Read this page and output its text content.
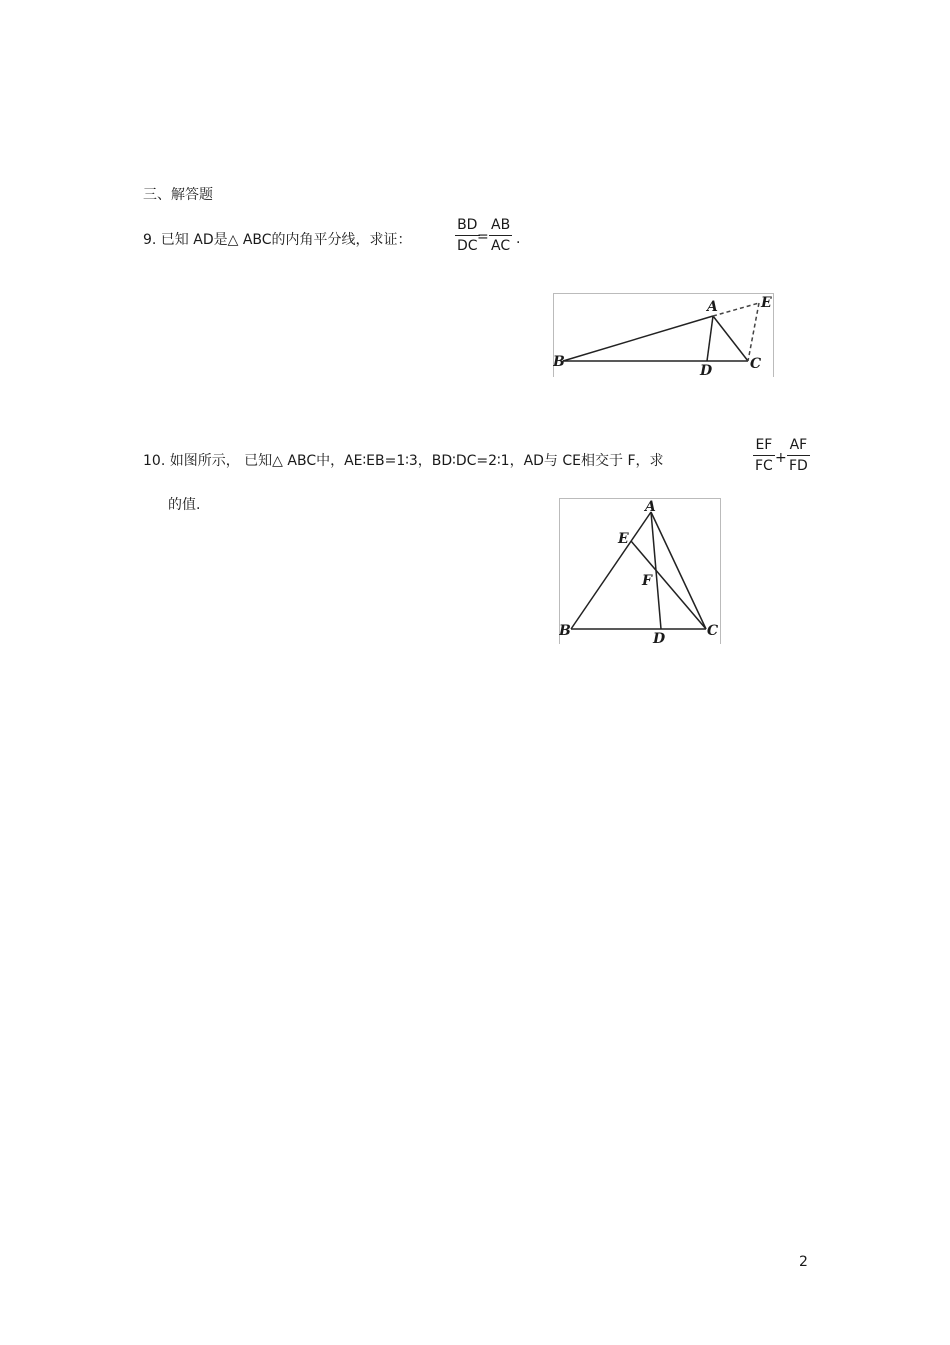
三、解答题
9. 已知 AD是△ ABC的内角平分线，求证：	$\frac{BD}{DC}$
= $\frac{AB}{AC}$ .
A
B	C
D
E
10. 如图所示， 已知△ ABC中，AE∶EB=1∶3，BD∶DC=2∶1，AD与 CE相交于 F，求	$\frac{EF}{FC} + \frac{AF}{FD}$
的值.	A
B	C
D
E
F
2
